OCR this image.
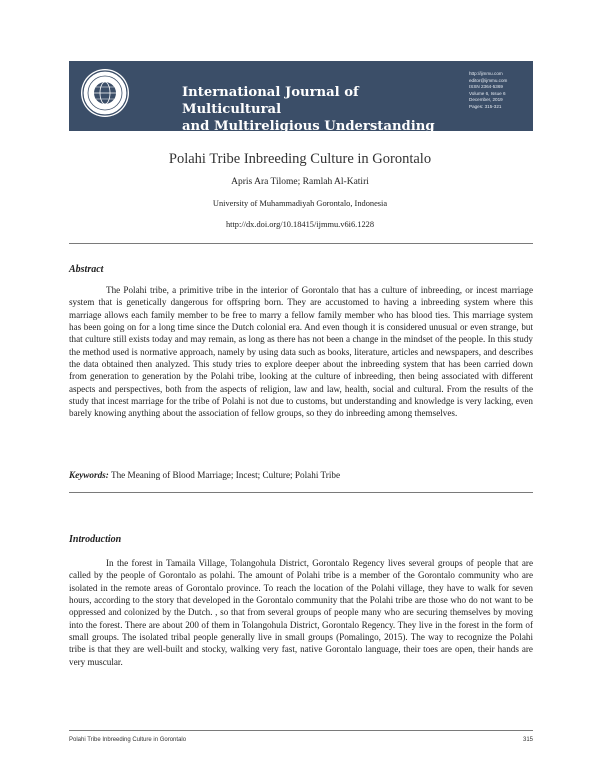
International Journal of Multicultural
and Multireligious Understanding
http://ijmmu.com
editor@ijmmu.com
ISSN 2364-5369
Volume 6, Issue 6
December, 2019
Pages: 315-321
Polahi Tribe Inbreeding Culture in Gorontalo
Apris Ara Tilome; Ramlah Al-Katiri
University of Muhammadiyah Gorontalo, Indonesia
http://dx.doi.org/10.18415/ijmmu.v6i6.1228
Abstract

The Polahi tribe, a primitive tribe in the interior of Gorontalo that has a culture of inbreeding, or incest marriage system that is genetically dangerous for offspring born. They are accustomed to having a inbreeding system where this marriage allows each family member to be free to marry a fellow family member who has blood ties. This marriage system has been going on for a long time since the Dutch colonial era. And even though it is considered unusual or even strange, but that culture still exists today and may remain, as long as there has not been a change in the mindset of the people. In this study the method used is normative approach, namely by using data such as books, literature, articles and newspapers, and describes the data obtained then analyzed. This study tries to explore deeper about the inbreeding system that has been carried down from generation to generation by the Polahi tribe, looking at the culture of inbreeding, then being associated with different aspects and perspectives, both from the aspects of religion, law and law, health, social and cultural. From the results of the study that incest marriage for the tribe of Polahi is not due to customs, but understanding and knowledge is very lacking, even barely knowing anything about the association of fellow groups, so they do inbreeding among themselves.

Keywords: The Meaning of Blood Marriage; Incest; Culture; Polahi Tribe
Introduction

In the forest in Tamaila Village, Tolangohula District, Gorontalo Regency lives several groups of people that are called by the people of Gorontalo as polahi. The amount of Polahi tribe is a member of the Gorontalo community who are isolated in the remote areas of Gorontalo province. To reach the location of the Polahi village, they have to walk for seven hours, according to the story that developed in the Gorontalo community that the Polahi tribe are those who do not want to be oppressed and colonized by the Dutch. , so that from several groups of people many who are securing themselves by moving into the forest. There are about 200 of them in Tolangohula District, Gorontalo Regency. They live in the forest in the form of small groups. The isolated tribal people generally live in small groups (Pomalingo, 2015). The way to recognize the Polahi tribe is that they are well-built and stocky, walking very fast, native Gorontalo language, their toes are open, their hands are very muscular.

Polahi Tribe Inbreeding Culture in Gorontalo	315
